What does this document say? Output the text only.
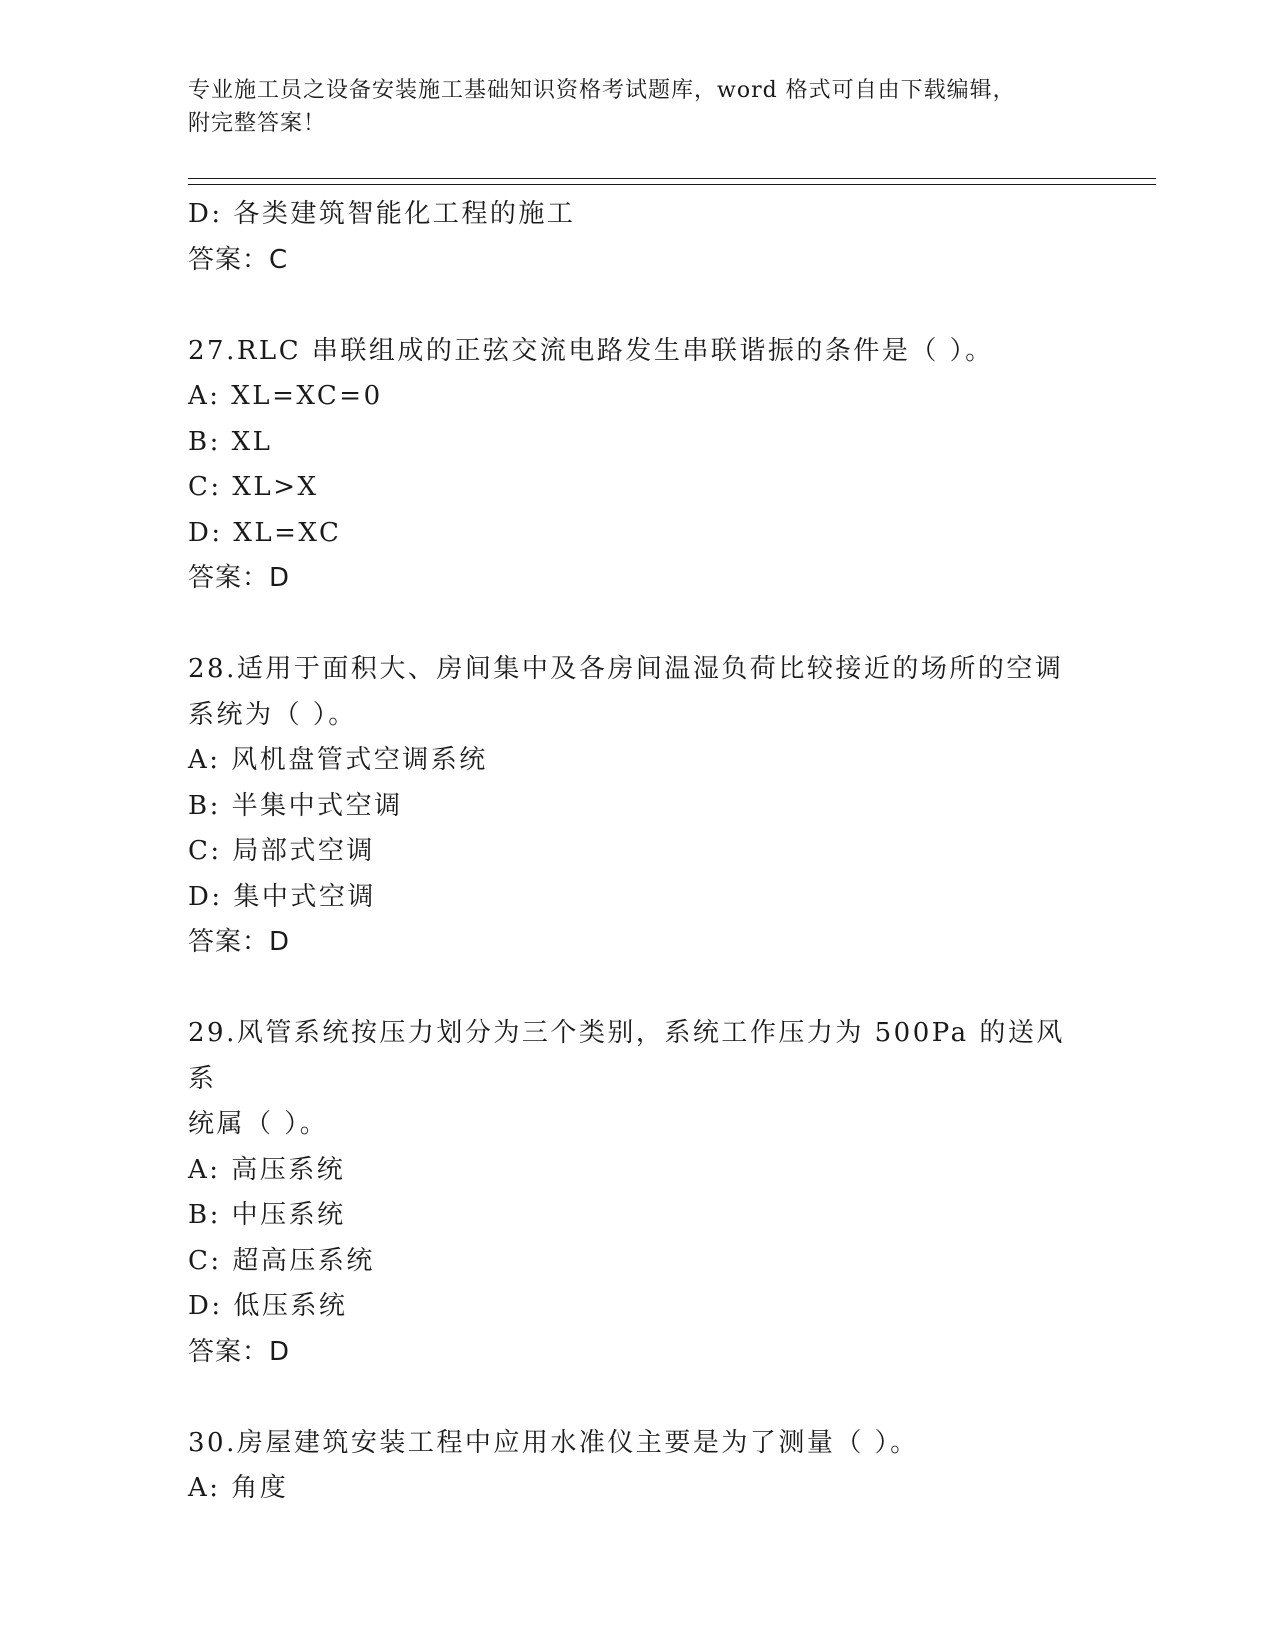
专业施工员之设备安装施工基础知识资格考试题库，word 格式可自由下载编辑，
附完整答案！
D: 各类建筑智能化工程的施工
答案：C
27.RLC 串联组成的正弦交流电路发生串联谐振的条件是（ ）。
A: XL=XC=0
B: XL
C: XL>X
D: XL=XC
答案：D
28.适用于面积大、房间集中及各房间温湿负荷比较接近的场所的空调
系统为（ ）。
A: 风机盘管式空调系统
B: 半集中式空调
C: 局部式空调
D: 集中式空调
答案：D
29.风管系统按压力划分为三个类别，系统工作压力为 500Pa 的送风系
统属（ ）。
A: 高压系统
B: 中压系统
C: 超高压系统
D: 低压系统
答案：D
30.房屋建筑安装工程中应用水准仪主要是为了测量（ ）。
A: 角度
